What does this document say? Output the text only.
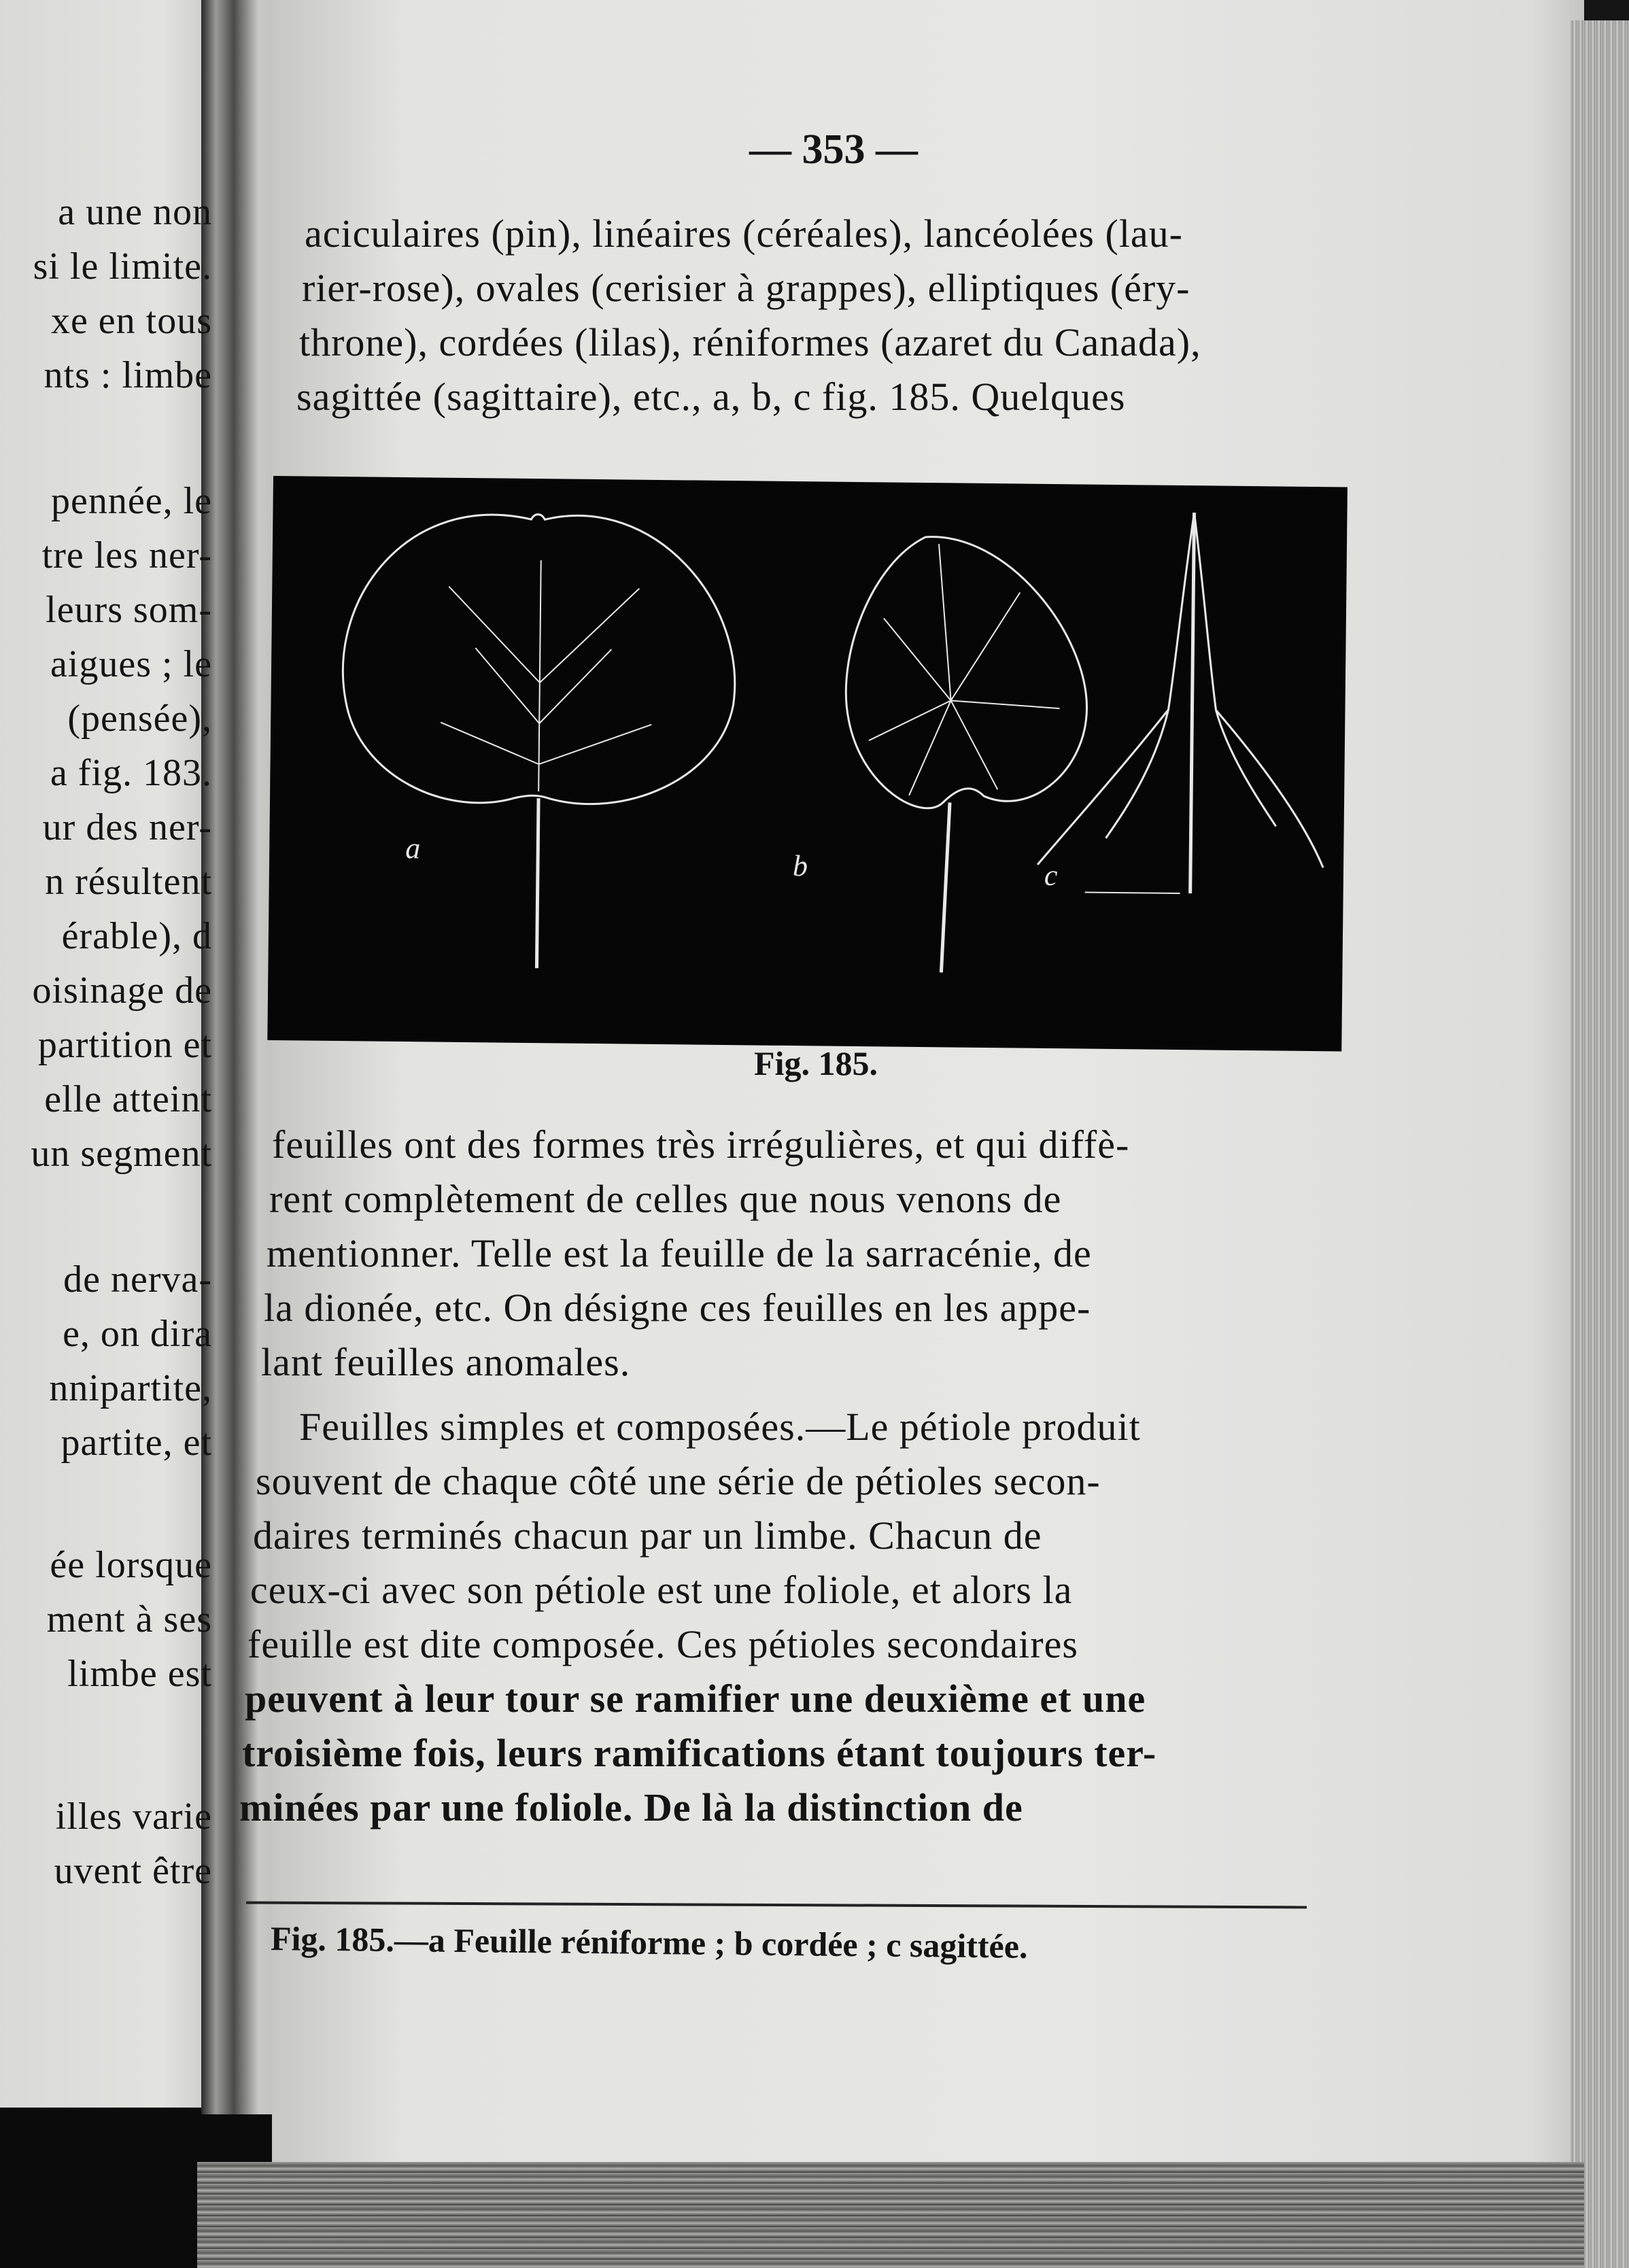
a une non
si le limite.
xe en tous
nts : limbe
pennée, le
tre les ner-
leurs som-
aigues ; le
(pensée),
a fig. 183.
ur des ner-
n résultent
érable), d
oisinage de
partition et
elle atteint
un segment
de nerva-
e, on dira
nnipartite,
partite, et
ée lorsque
ment à ses
limbe est
illes varie
uvent être
— 353 —
aciculaires (pin), linéaires (céréales), lancéolées (lau-
rier-rose), ovales (cerisier à grappes), elliptiques (éry-
throne), cordées (lilas), réniformes (azaret du Canada),
sagittée (sagittaire), etc., a, b, c fig. 185. Quelques
a
b	c
Fig. 185.
feuilles ont des formes très irrégulières, et qui diffè-
rent complètement de celles que nous venons de
mentionner. Telle est la feuille de la sarracénie, de
la dionée, etc. On désigne ces feuilles en les appe-
lant feuilles anomales.
Feuilles simples et composées.—Le pétiole produit
souvent de chaque côté une série de pétioles secon-
daires terminés chacun par un limbe. Chacun de
ceux-ci avec son pétiole est une foliole, et alors la
feuille est dite composée. Ces pétioles secondaires
peuvent à leur tour se ramifier une deuxième et une
troisième fois, leurs ramifications étant toujours ter-
minées par une foliole. De là la distinction de
Fig. 185.—a Feuille réniforme ; b cordée ; c sagittée.
